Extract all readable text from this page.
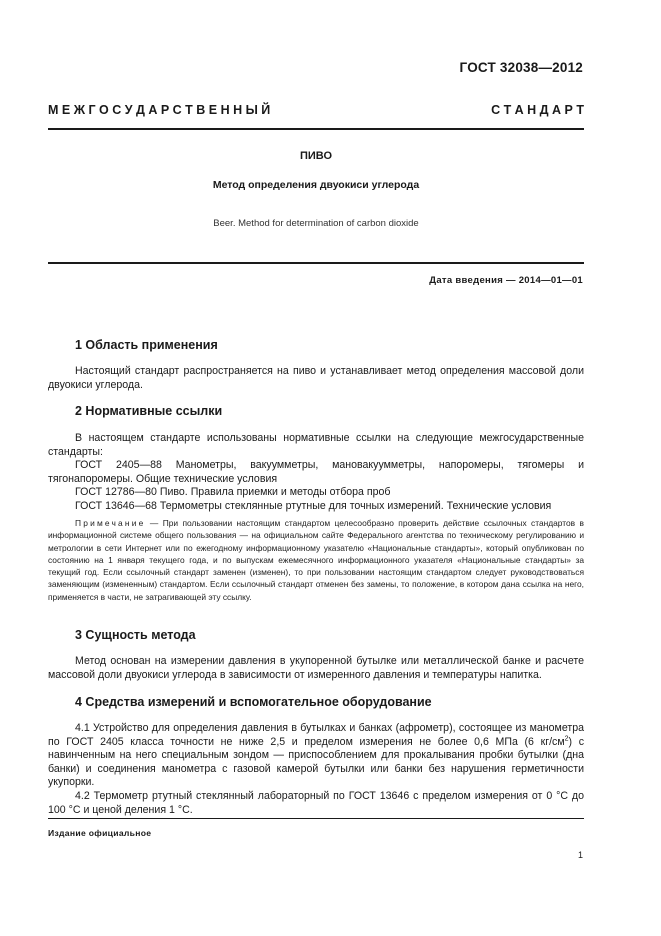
ГОСТ 32038—2012
М Е Ж Г О С У Д А Р С Т В Е Н Н Ы Й	С Т А Н Д А Р Т
ПИВО
Метод определения двуокиси углерода
Beer. Method for determination of carbon dioxide
Дата введения — 2014—01—01
1 Область применения

Настоящий стандарт распространяется на пиво и устанавливает метод определения массовой доли двуокиси углерода.

2 Нормативные ссылки

В настоящем стандарте использованы нормативные ссылки на следующие межгосударственные стандарты:

ГОСТ 2405—88 Манометры, вакуумметры, мановакуумметры, напоромеры, тягомеры и тягонапоромеры. Общие технические условия

ГОСТ 12786—80 Пиво. Правила приемки и методы отбора проб

ГОСТ 13646—68 Термометры стеклянные ртутные для точных измерений. Технические условия

Примечание — При пользовании настоящим стандартом целесообразно проверить действие ссылочных стандартов в информационной системе общего пользования — на официальном сайте Федерального агентства по техническому регулированию и метрологии в сети Интернет или по ежегодному информационному указателю «Национальные стандарты», который опубликован по состоянию на 1 января текущего года, и по выпускам ежемесячного информационного указателя «Национальные стандарты» за текущий год. Если ссылочный стандарт заменен (изменен), то при пользовании настоящим стандартом следует руководствоваться заменяющим (измененным) стандартом. Если ссылочный стандарт отменен без замены, то положение, в котором дана ссылка на него, применяется в части, не затрагивающей эту ссылку.

3 Сущность метода

Метод основан на измерении давления в укупоренной бутылке или металлической банке и расчете массовой доли двуокиси углерода в зависимости от измеренного давления и температуры напитка.

4 Средства измерений и вспомогательное оборудование

4.1 Устройство для определения давления в бутылках и банках (афрометр), состоящее из манометра по ГОСТ 2405 класса точности не ниже 2,5 и пределом измерения не более 0,6 МПа (6 $кг/см^2$) с навинченным на него специальным зондом — приспособлением для прокалывания пробки бутылки (дна банки) и соединения манометра с газовой камерой бутылки или банки без нарушения герметичности укупорки.

4.2 Термометр ртутный стеклянный лабораторный по ГОСТ 13646 с пределом измерения от 0 °С до 100 °С и ценой деления 1 °С.

Издание официальное
1
